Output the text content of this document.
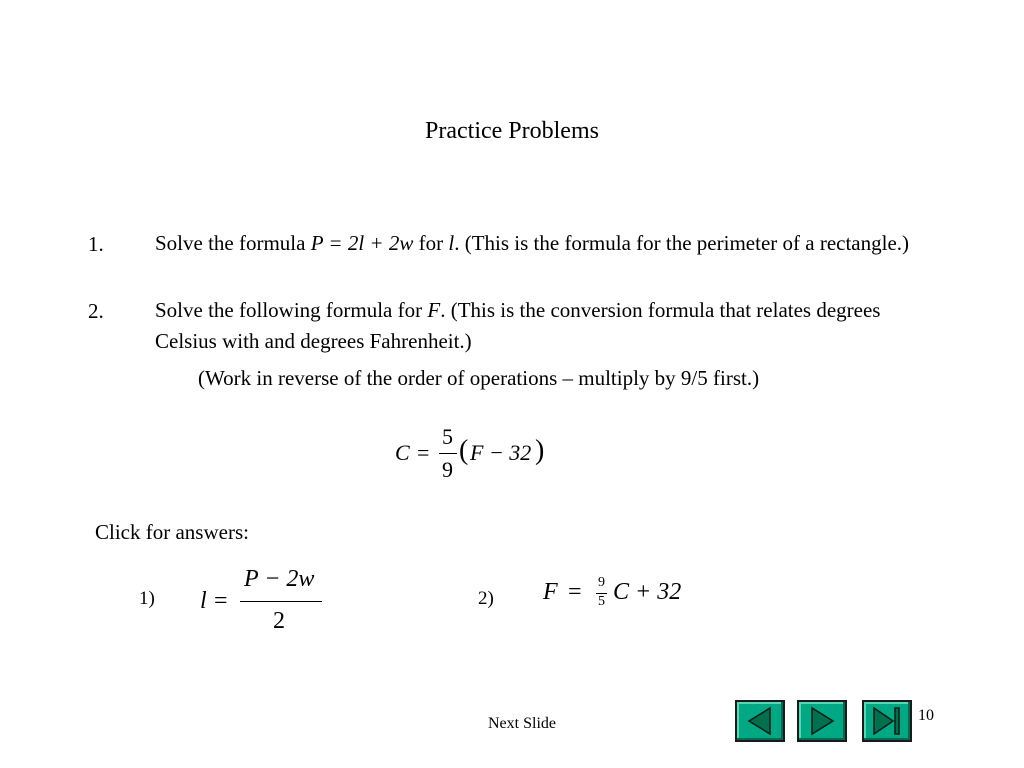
Practice Problems
1. Solve the formula P = 2l + 2w for l. (This is the formula for the perimeter of a rectangle.)
2. Solve the following formula for F. (This is the conversion formula that relates degrees Celsius with and degrees Fahrenheit.)
(Work in reverse of the order of operations – multiply by 9/5 first.)
C =
5
9
( F − 32 )
Click for answers:
1) l =
P − 2w
2
2) F = 9
5 C + 32
Next Slide	10
